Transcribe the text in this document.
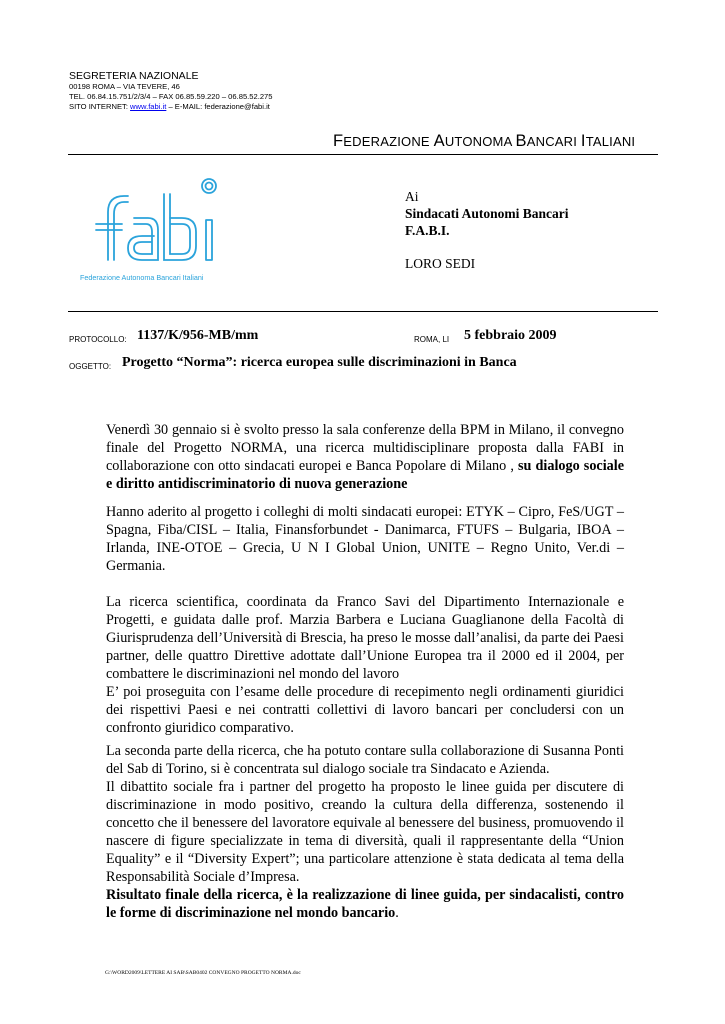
SEGRETERIA NAZIONALE
00198 ROMA – VIA TEVERE, 46
TEL. 06.84.15.751/2/3/4 – FAX 06.85.59.220 – 06.85.52.275
SITO INTERNET: www.fabi.it – E-MAIL: federazione@fabi.it
FEDERAZIONE AUTONOMA BANCARI ITALIANI
Federazione Autonoma Bancari Italiani
Ai
Sindacati Autonomi Bancari
F.A.B.I.
LORO SEDI
PROTOCOLLO: 1137/K/956-MB/mm	ROMA, LI 5 febbraio 2009
OGGETTO: Progetto “Norma”: ricerca europea sulle discriminazioni in Banca
Venerdì 30 gennaio si è svolto presso la sala conferenze della BPM in Milano, il convegno finale del Progetto NORMA, una ricerca multidisciplinare proposta dalla FABI in collaborazione con otto sindacati europei e Banca Popolare di Milano , su dialogo sociale e diritto antidiscriminatorio di nuova generazione
Hanno aderito al progetto i colleghi di molti sindacati europei: ETYK – Cipro, FeS/UGT – Spagna, Fiba/CISL – Italia, Finansforbundet - Danimarca, FTUFS – Bulgaria, IBOA – Irlanda, INE-OTOE – Grecia, U N I Global Union, UNITE – Regno Unito, Ver.di – Germania.
La ricerca scientifica, coordinata da Franco Savi del Dipartimento Internazionale e Progetti, e guidata dalle prof. Marzia Barbera e Luciana Guaglianone della Facoltà di Giurisprudenza dell’Università di Brescia, ha preso le mosse dall’analisi, da parte dei Paesi partner, delle quattro Direttive adottate dall’Unione Europea tra il 2000 ed il 2004, per combattere le discriminazioni nel mondo del lavoro
E’ poi proseguita con l’esame delle procedure di recepimento negli ordinamenti giuridici dei rispettivi Paesi e nei contratti collettivi di lavoro bancari per concludersi con un confronto giuridico comparativo.
La seconda parte della ricerca, che ha potuto contare sulla collaborazione di Susanna Ponti del Sab di Torino, si è concentrata sul dialogo sociale tra Sindacato e Azienda.
Il dibattito sociale fra i partner del progetto ha proposto le linee guida per discutere di discriminazione in modo positivo, creando la cultura della differenza, sostenendo il concetto che il benessere del lavoratore equivale al benessere del business, promuovendo il nascere di figure specializzate in tema di diversità, quali il rappresentante della “Union Equality” e il “Diversity Expert”; una particolare attenzione è stata dedicata al tema della Responsabilità Sociale d’Impresa.
Risultato finale della ricerca, è la realizzazione di linee guida, per sindacalisti, contro le forme di discriminazione nel mondo bancario.
G:\WORD2009\LETTERE AI SAB\SAB0402 CONVEGNO PROGETTO NORMA.doc
